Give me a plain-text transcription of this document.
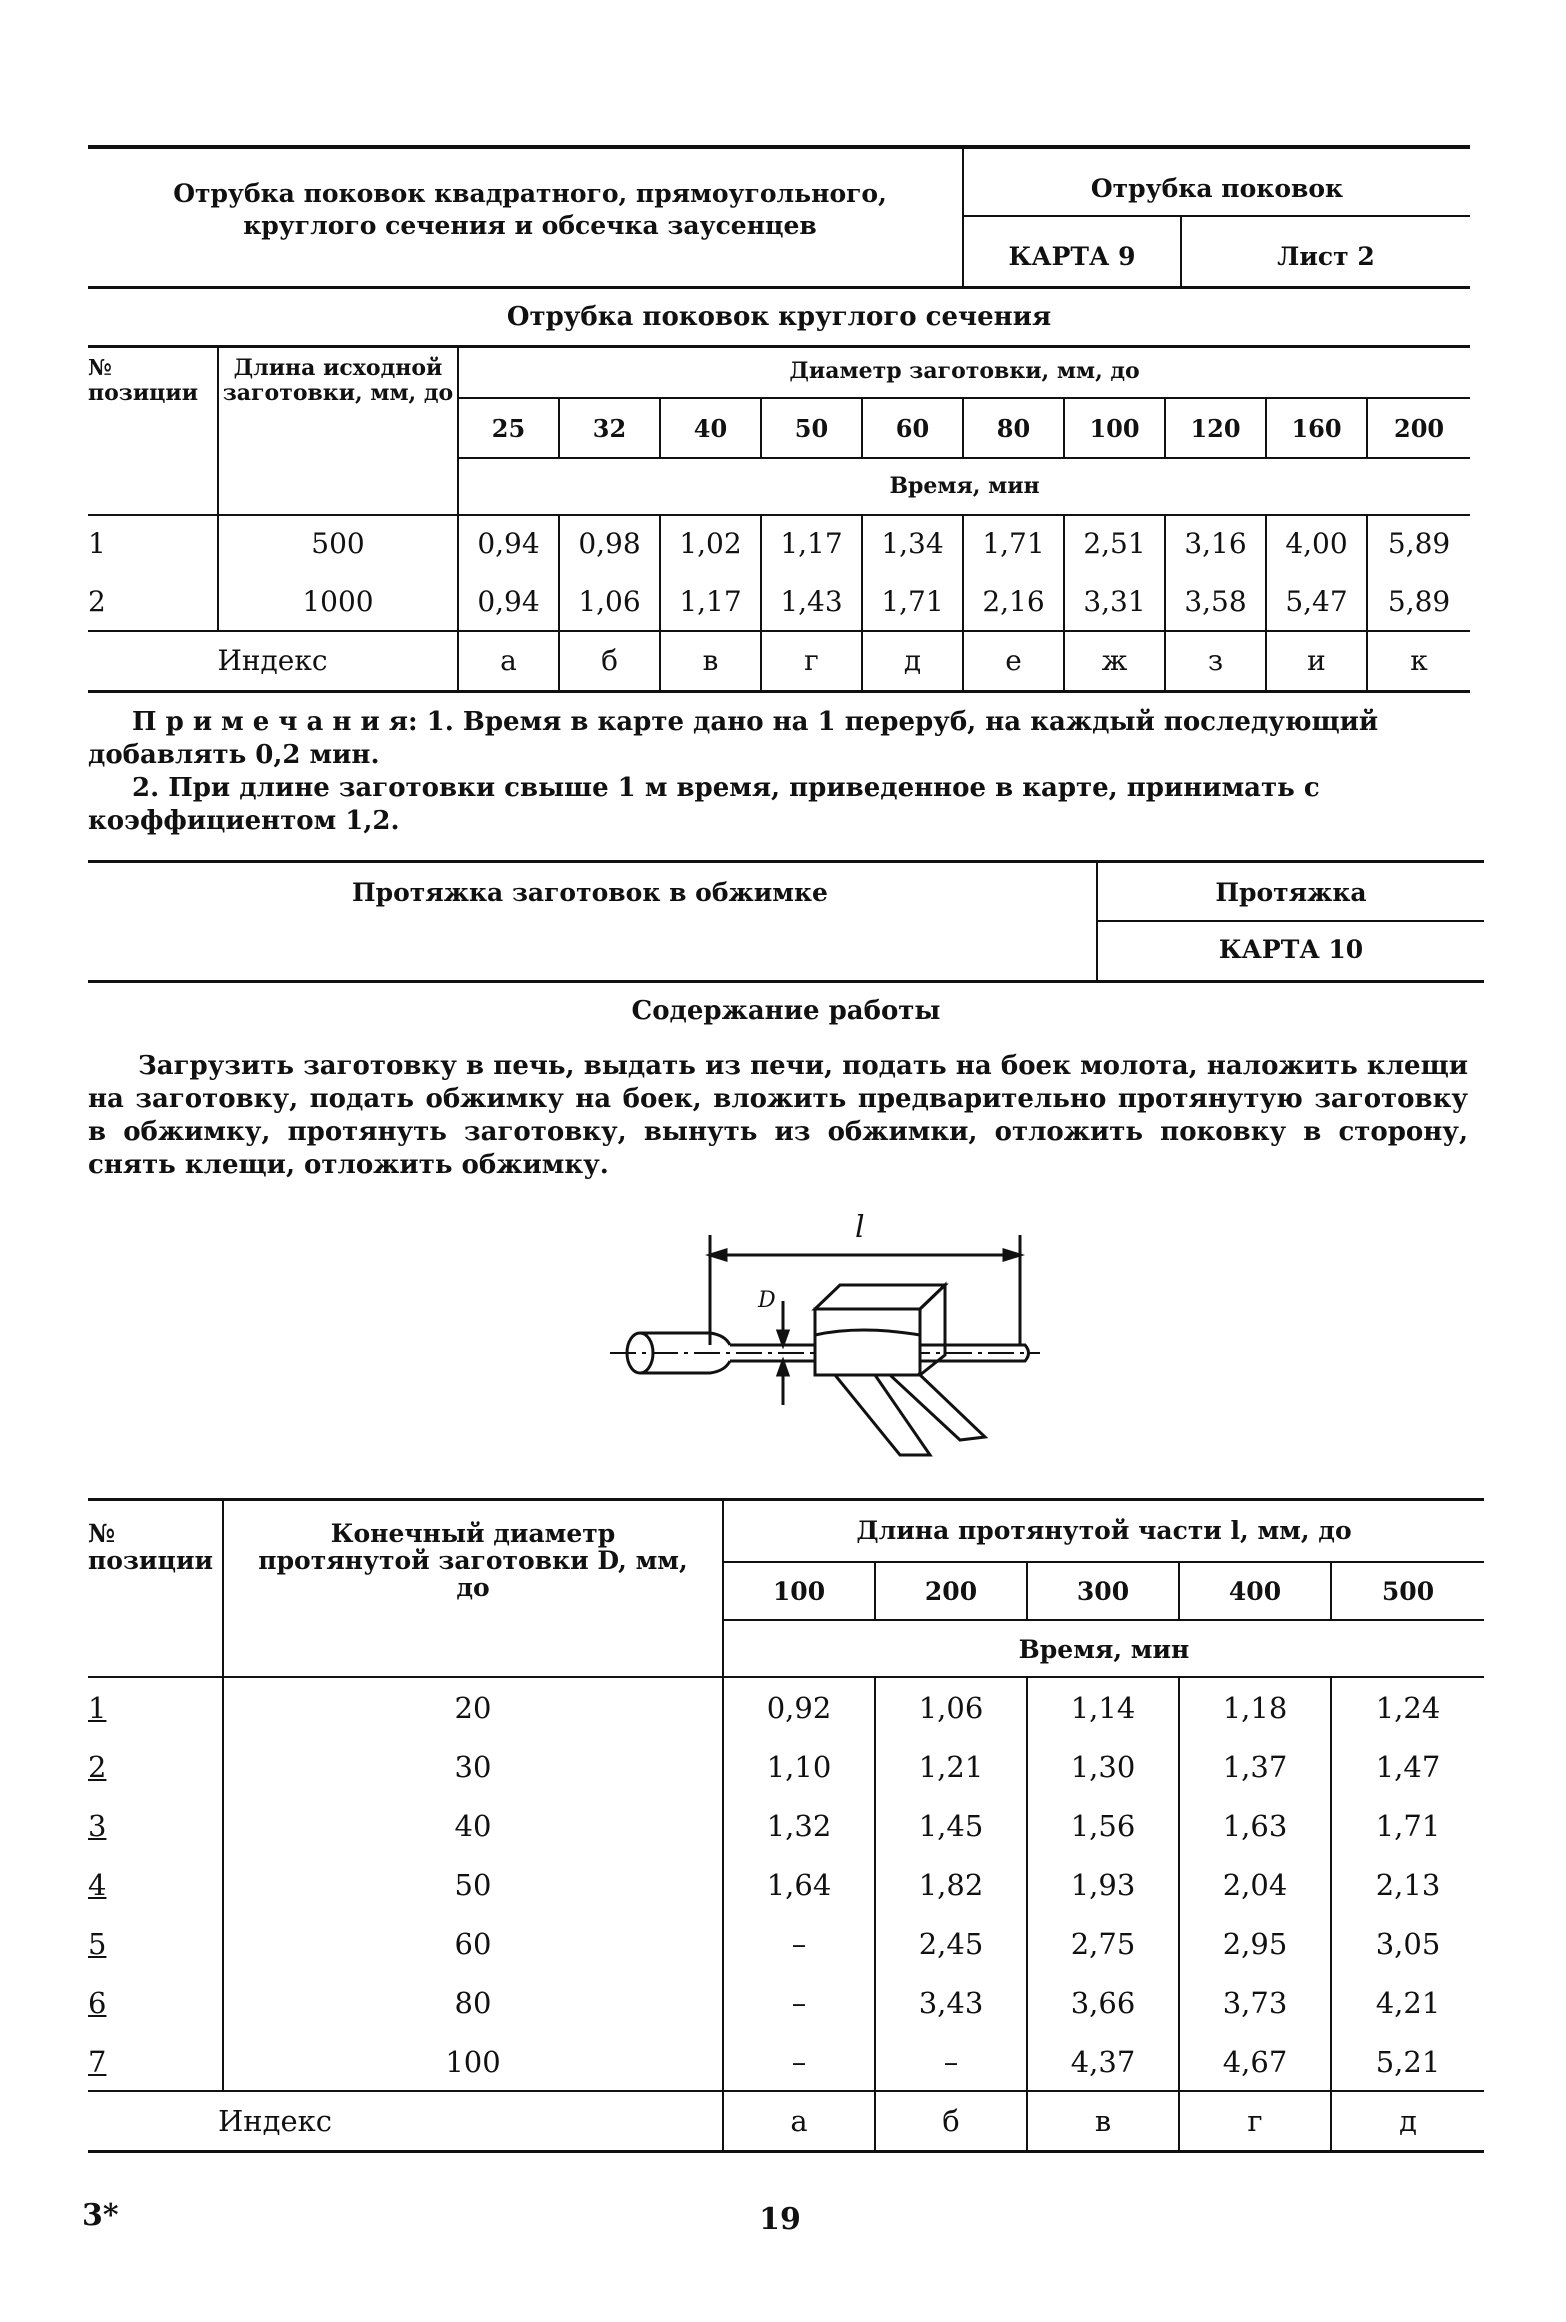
Отрубка поковок квадратного, прямоугольного, круглого сечения и обсечка заусенцев
Отрубка поковок
КАРТА 9	Лист 2
Отрубка поковок круглого сечения
№ позиции	Длина исходной заготовки, мм, до	Диаметр заготовки, мм, до									
		25	32	40	50	60	80	100	120	160	200
		Время, мин									
1	500	0,94	0,98	1,02	1,17	1,34	1,71	2,51	3,16	4,00	5,89
2	1000	0,94	1,06	1,17	1,43	1,71	2,16	3,31	3,58	5,47	5,89
Индекс		а	б	в	г	д	е	ж	з	и	к
П р и м е ч а н и я: 1. Время в карте дано на 1 переруб, на каждый последующий добавлять 0,2 мин.
2. При длине заготовки свыше 1 м время, приведенное в карте, принимать с коэффициентом 1,2.
Протяжка заготовок в обжимке	Протяжка
КАРТА 10
Содержание работы
Загрузить заготовку в печь, выдать из печи, подать на боек молота, наложить клещи на заготовку, подать обжимку на боек, вложить предварительно протянутую заготовку в обжимку, протянуть заготовку, вынуть из обжимки, отложить поковку в сторону, снять клещи, отложить обжимку.
l
D
№ позиции	Конечный диаметр протянутой заготовки D, мм, до	Длина протянутой части l, мм, до				
		100	200	300	400	500
		Время, мин				
1	20	0,92	1,06	1,14	1,18	1,24
2	30	1,10	1,21	1,30	1,37	1,47
3	40	1,32	1,45	1,56	1,63	1,71
4	50	1,64	1,82	1,93	2,04	2,13
5	60	–	2,45	2,75	2,95	3,05
6	80	–	3,43	3,66	3,73	4,21
7	100	–	–	4,37	4,67	5,21
Индекс		а	б	в	г	д
3*	19
